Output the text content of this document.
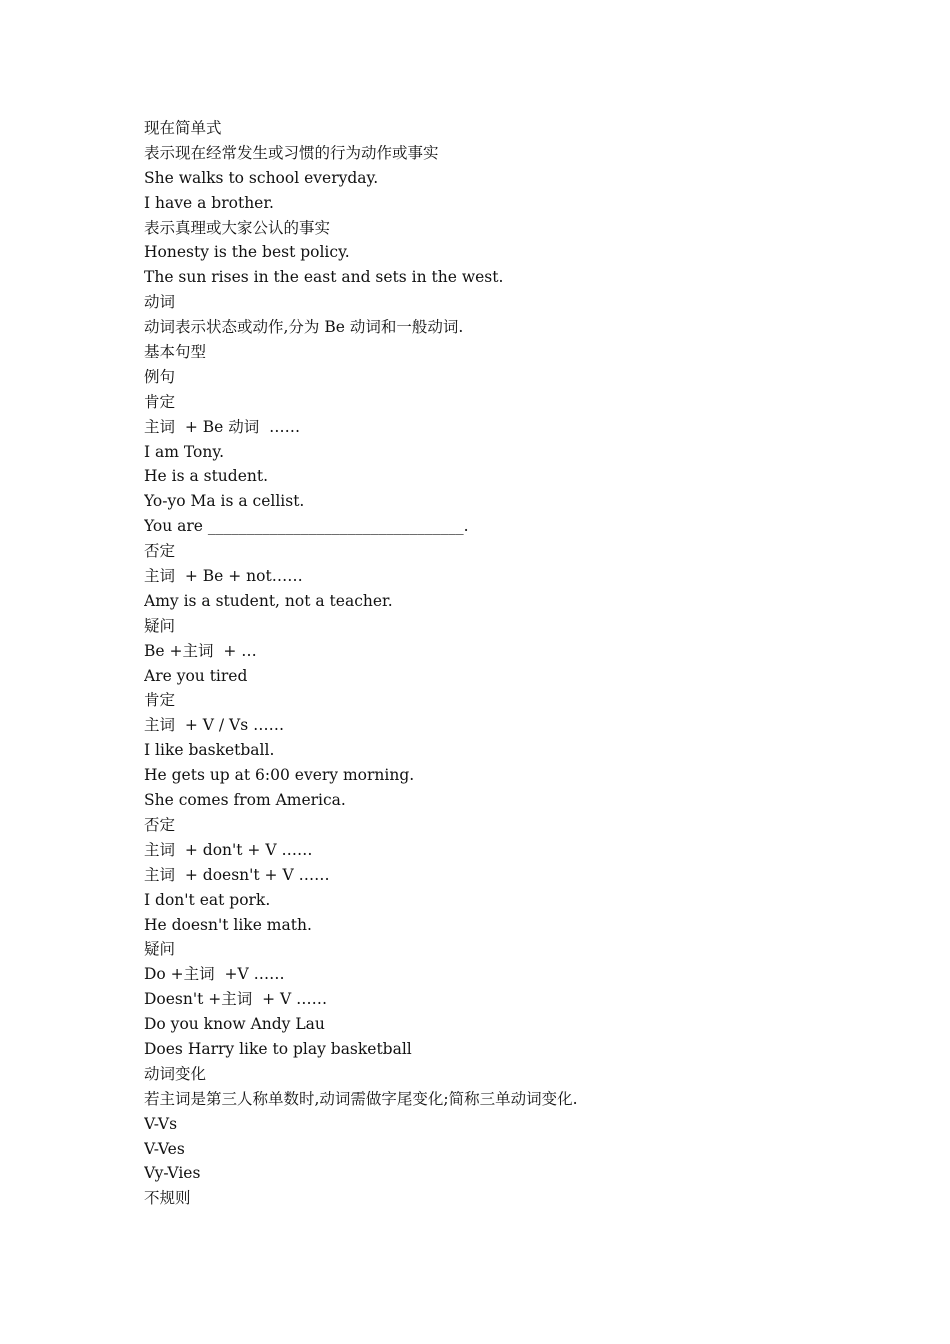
现在简单式
表示现在经常发生或习惯的行为动作或事实
She walks to school everyday.
I have a brother.
表示真理或大家公认的事实
Honesty is the best policy.
The sun rises in the east and sets in the west.
动词
动词表示状态或动作,分为 Be 动词和一般动词.
基本句型
例句
肯定
主词  + Be 动词  ……
I am Tony.
He is a student.
Yo-yo Ma is a cellist.
You are _________________________________.
否定
主词  + Be + not……
Amy is a student, not a teacher.
疑问
Be +主词  + …
Are you tired
肯定
主词  + V / Vs ……
I like basketball.
He gets up at 6:00 every morning.
She comes from America.
否定
主词  + don't + V ……
主词  + doesn't + V ……
I don't eat pork.
He doesn't like math.
疑问
Do +主词  +V ……
Doesn't +主词  + V ……
Do you know Andy Lau
Does Harry like to play basketball
动词变化
若主词是第三人称单数时,动词需做字尾变化;简称三单动词变化.
V-Vs
V-Ves
Vy-Vies
不规则
